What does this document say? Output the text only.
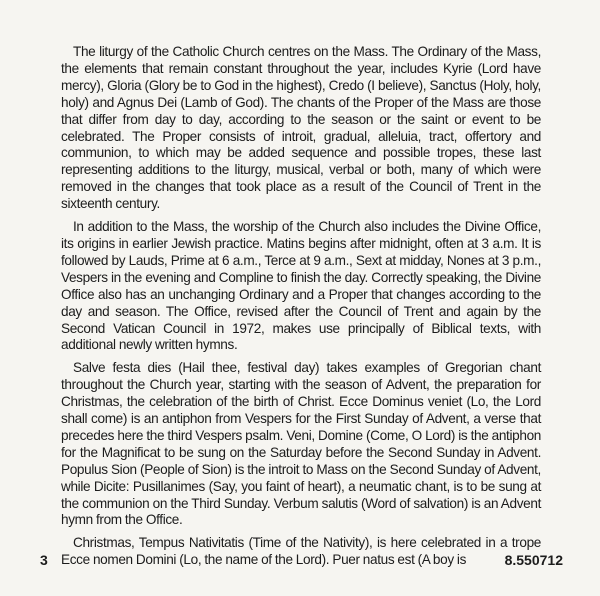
The liturgy of the Catholic Church centres on the Mass. The Ordinary of the Mass, the elements that remain constant throughout the year, includes Kyrie (Lord have mercy), Gloria (Glory be to God in the highest), Credo (I believe), Sanctus (Holy, holy, holy) and Agnus Dei (Lamb of God). The chants of the Proper of the Mass are those that differ from day to day, according to the season or the saint or event to be celebrated. The Proper consists of introit, gradual, alleluia, tract, offertory and communion, to which may be added sequence and possible tropes, these last representing additions to the liturgy, musical, verbal or both, many of which were removed in the changes that took place as a result of the Council of Trent in the sixteenth century.

In addition to the Mass, the worship of the Church also includes the Divine Office, its origins in earlier Jewish practice. Matins begins after midnight, often at 3 a.m. It is followed by Lauds, Prime at 6 a.m., Terce at 9 a.m., Sext at midday, Nones at 3 p.m., Vespers in the evening and Compline to finish the day. Correctly speaking, the Divine Office also has an unchanging Ordinary and a Proper that changes according to the day and season. The Office, revised after the Council of Trent and again by the Second Vatican Council in 1972, makes use principally of Biblical texts, with additional newly written hymns.

Salve festa dies (Hail thee, festival day) takes examples of Gregorian chant throughout the Church year, starting with the season of Advent, the preparation for Christmas, the celebration of the birth of Christ. Ecce Dominus veniet (Lo, the Lord shall come) is an antiphon from Vespers for the First Sunday of Advent, a verse that precedes here the third Vespers psalm. Veni, Domine (Come, O Lord) is the antiphon for the Magnificat to be sung on the Saturday before the Second Sunday in Advent. Populus Sion (People of Sion) is the introit to Mass on the Second Sunday of Advent, while Dicite: Pusillanimes (Say, you faint of heart), a neumatic chant, is to be sung at the communion on the Third Sunday. Verbum salutis (Word of salvation) is an Advent hymn from the Office.

Christmas, Tempus Nativitatis (Time of the Nativity), is here celebrated in a trope Ecce nomen Domini (Lo, the name of the Lord). Puer natus est (A boy is

3	8.550712
